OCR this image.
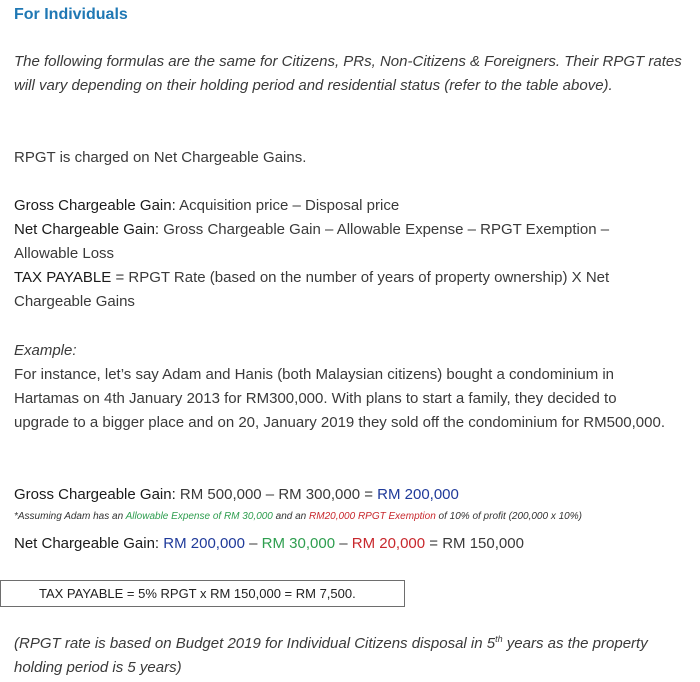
For Individuals

The following formulas are the same for Citizens, PRs, Non-Citizens & Foreigners. Their RPGT rates will vary depending on their holding period and residential status (refer to the table above).

RPGT is charged on Net Chargeable Gains.

Gross Chargeable Gain: Acquisition price – Disposal price

Net Chargeable Gain: Gross Chargeable Gain – Allowable Expense – RPGT Exemption – Allowable Loss

TAX PAYABLE = RPGT Rate (based on the number of years of property ownership) X Net Chargeable Gains

Example:

For instance, let’s say Adam and Hanis (both Malaysian citizens) bought a condominium in Hartamas on 4th January 2013 for RM300,000. With plans to start a family, they decided to upgrade to a bigger place and on 20, January 2019 they sold off the condominium for RM500,000.

Gross Chargeable Gain: RM 500,000 – RM 300,000 = RM 200,000

*Assuming Adam has an Allowable Expense of RM 30,000 and an RM20,000 RPGT Exemption of 10% of profit (200,000 x 10%)

Net Chargeable Gain: RM 200,000 – RM 30,000 – RM 20,000 = RM 150,000

TAX PAYABLE = 5% RPGT x RM 150,000 = RM 7,500.

(RPGT rate is based on Budget 2019 for Individual Citizens disposal in 5th years as the property holding period is 5 years)
